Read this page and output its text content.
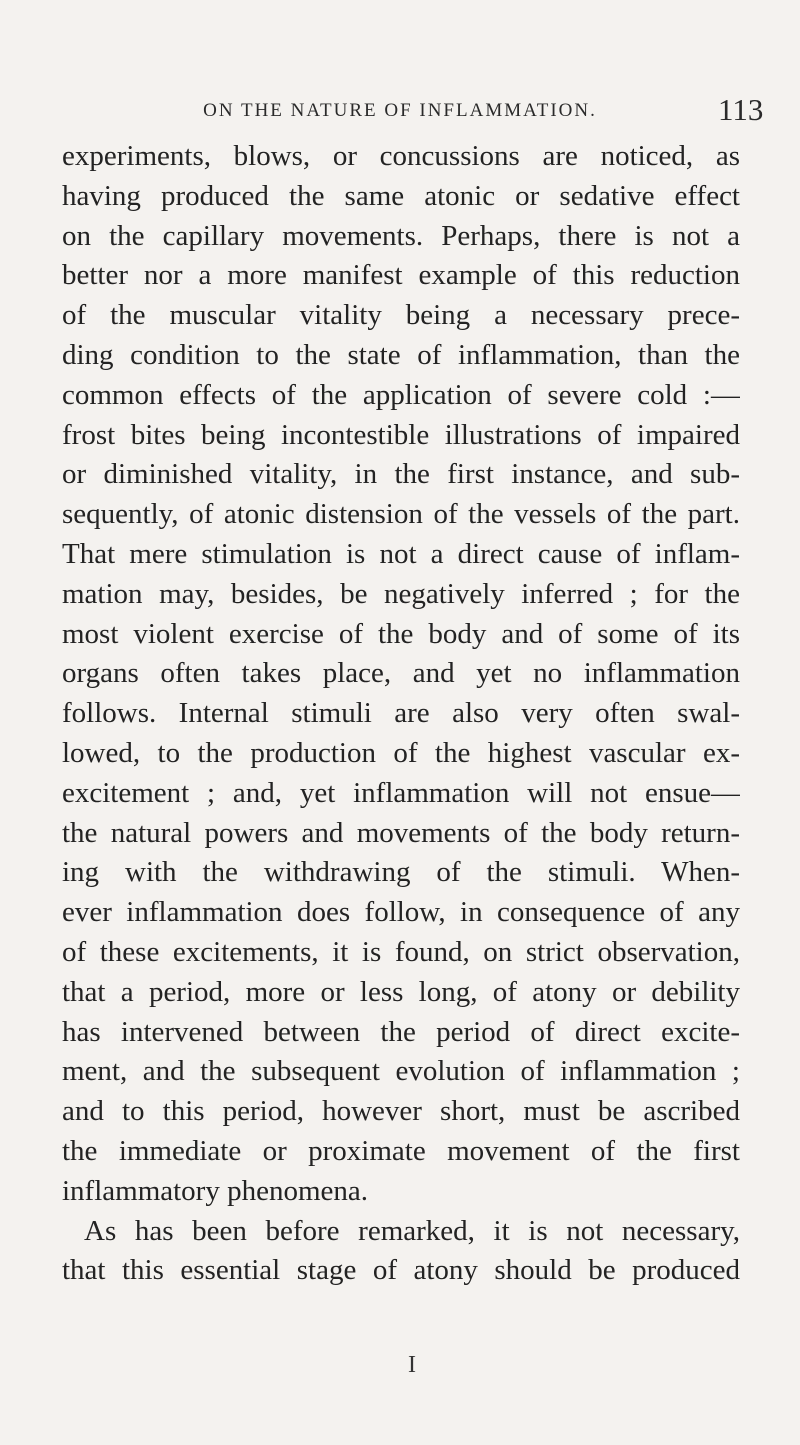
ON THE NATURE OF INFLAMMATION.	113
experiments, blows, or concussions are noticed, as
having produced the same atonic or sedative effect
on the capillary movements. Perhaps, there is not a
better nor a more manifest example of this reduction
of the muscular vitality being a necessary prece-
ding condition to the state of inflammation, than the
common effects of the application of severe cold :—
frost bites being incontestible illustrations of impaired
or diminished vitality, in the first instance, and sub-
sequently, of atonic distension of the vessels of the part.
That mere stimulation is not a direct cause of inflam-
mation may, besides, be negatively inferred ; for the
most violent exercise of the body and of some of its
organs often takes place, and yet no inflammation
follows. Internal stimuli are also very often swal-
lowed, to the production of the highest vascular ex-
excitement ; and, yet inflammation will not ensue—
the natural powers and movements of the body return-
ing with the withdrawing of the stimuli. When-
ever inflammation does follow, in consequence of any
of these excitements, it is found, on strict observation,
that a period, more or less long, of atony or debility
has intervened between the period of direct excite-
ment, and the subsequent evolution of inflammation ;
and to this period, however short, must be ascribed
the immediate or proximate movement of the first
inflammatory phenomena.
As has been before remarked, it is not necessary,
that this essential stage of atony should be produced
I
